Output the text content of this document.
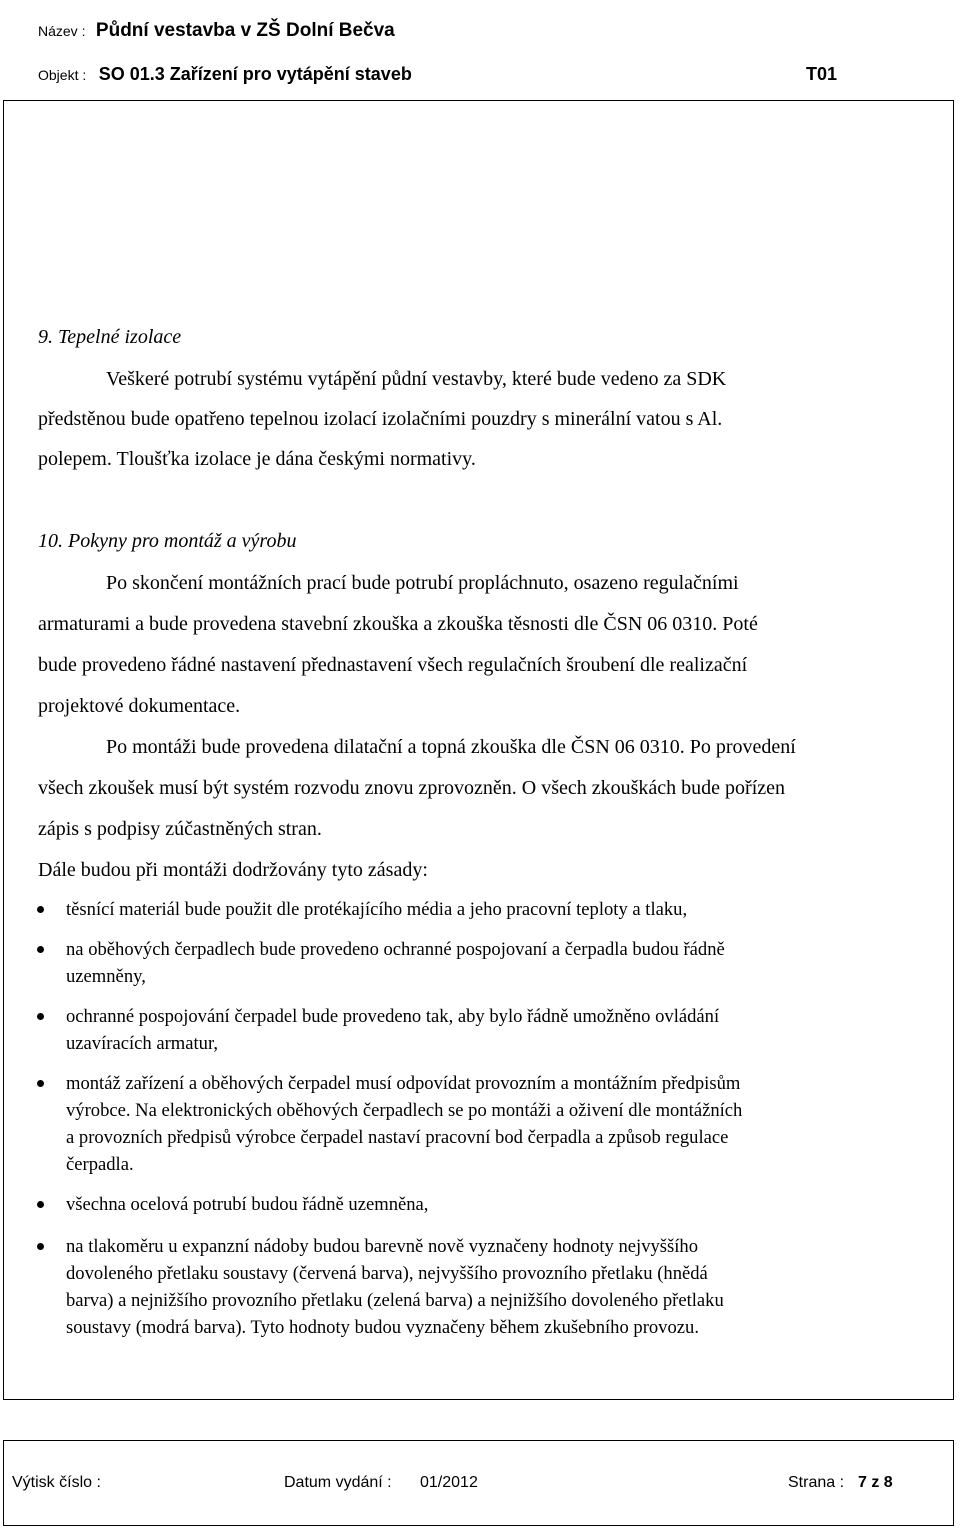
Název : Půdní vestavba v ZŠ Dolní Bečva
Objekt : SO 01.3 Zařízení pro vytápění staveb	T01
9. Tepelné izolace
Veškeré potrubí systému vytápění půdní vestavby, které bude vedeno za SDK
předstěnou bude opatřeno tepelnou izolací izolačními pouzdry s minerální vatou s Al.
polepem. Tloušťka izolace je dána českými normativy.
10. Pokyny pro montáž a výrobu
Po skončení montážních prací bude potrubí propláchnuto, osazeno regulačními
armaturami a bude provedena stavební zkouška a zkouška těsnosti dle ČSN 06 0310. Poté
bude provedeno řádné nastavení přednastavení všech regulačních šroubení dle realizační
projektové dokumentace.
Po montáži bude provedena dilatační a topná zkouška dle ČSN 06 0310. Po provedení
všech zkoušek musí být systém rozvodu znovu zprovozněn. O všech zkouškách bude pořízen
zápis s podpisy zúčastněných stran.
Dále budou při montáži dodržovány tyto zásady:
těsnící materiál bude použit dle protékajícího média a jeho pracovní teploty a tlaku,
na oběhových čerpadlech bude provedeno ochranné pospojovaní a čerpadla budou řádně
uzemněny,
ochranné pospojování čerpadel bude provedeno tak, aby bylo řádně umožněno ovládání
uzavíracích armatur,
montáž zařízení a oběhových čerpadel musí odpovídat provozním a montážním předpisům
výrobce. Na elektronických oběhových čerpadlech se po montáži a oživení dle montážních
a provozních předpisů výrobce čerpadel nastaví pracovní bod čerpadla a způsob regulace
čerpadla.
všechna ocelová potrubí budou řádně uzemněna,
na tlakoměru u expanzní nádoby budou barevně nově vyznačeny hodnoty nejvyššího
dovoleného přetlaku soustavy (červená barva), nejvyššího provozního přetlaku (hnědá
barva) a nejnižšího provozního přetlaku (zelená barva) a nejnižšího dovoleného přetlaku
soustavy (modrá barva). Tyto hodnoty budou vyznačeny během zkušebního provozu.
Výtisk číslo :	Datum vydání : 01/2012	Strana : 7 z 8
